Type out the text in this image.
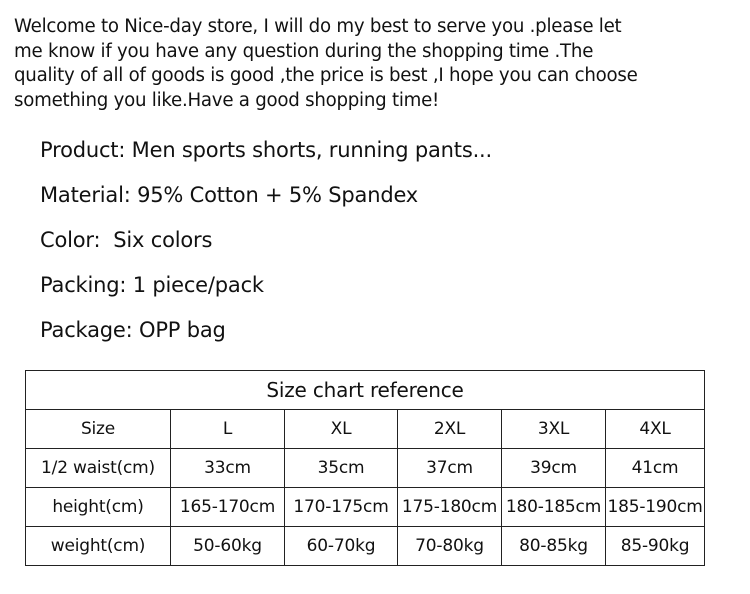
Welcome to Nice-day store, I will do my best to serve you .please let me know if you have any question during the shopping time .The quality of all of goods is good ,the price is best ,I hope you can choose something you like.Have a good shopping time!

Product: Men sports shorts, running pants...
Material: 95% Cotton + 5% Spandex
Color:  Six colors
Packing: 1 piece/pack
Package: OPP bag
Size chart reference					
Size	L	XL	2XL	3XL	4XL
1/2 waist(cm)	33cm	35cm	37cm	39cm	41cm
height(cm)	165-170cm	170-175cm	175-180cm	180-185cm	185-190cm
weight(cm)	50-60kg	60-70kg	70-80kg	80-85kg	85-90kg
